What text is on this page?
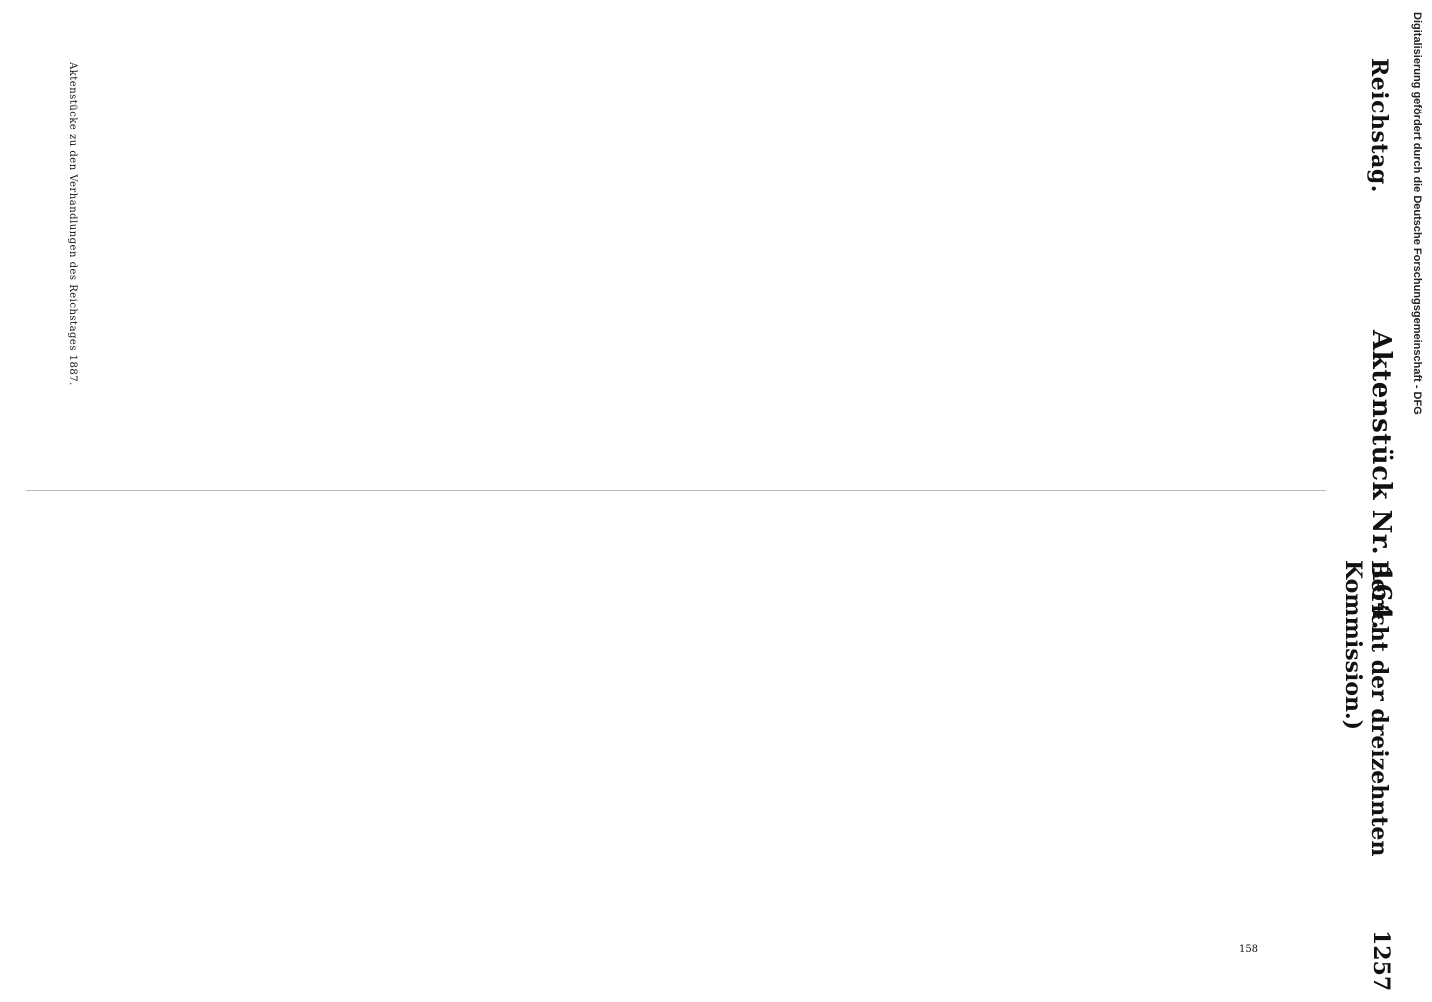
Reichstag.
Aktenstück Nr. 164.
Bericht der dreizehnten Kommission.)
1257
Aktenstücke zu den Verhandlungen des Reichstages 1887.
158
Digitalisierung gefördert durch die Deutsche Forschungsgemeinschaft - DFG
